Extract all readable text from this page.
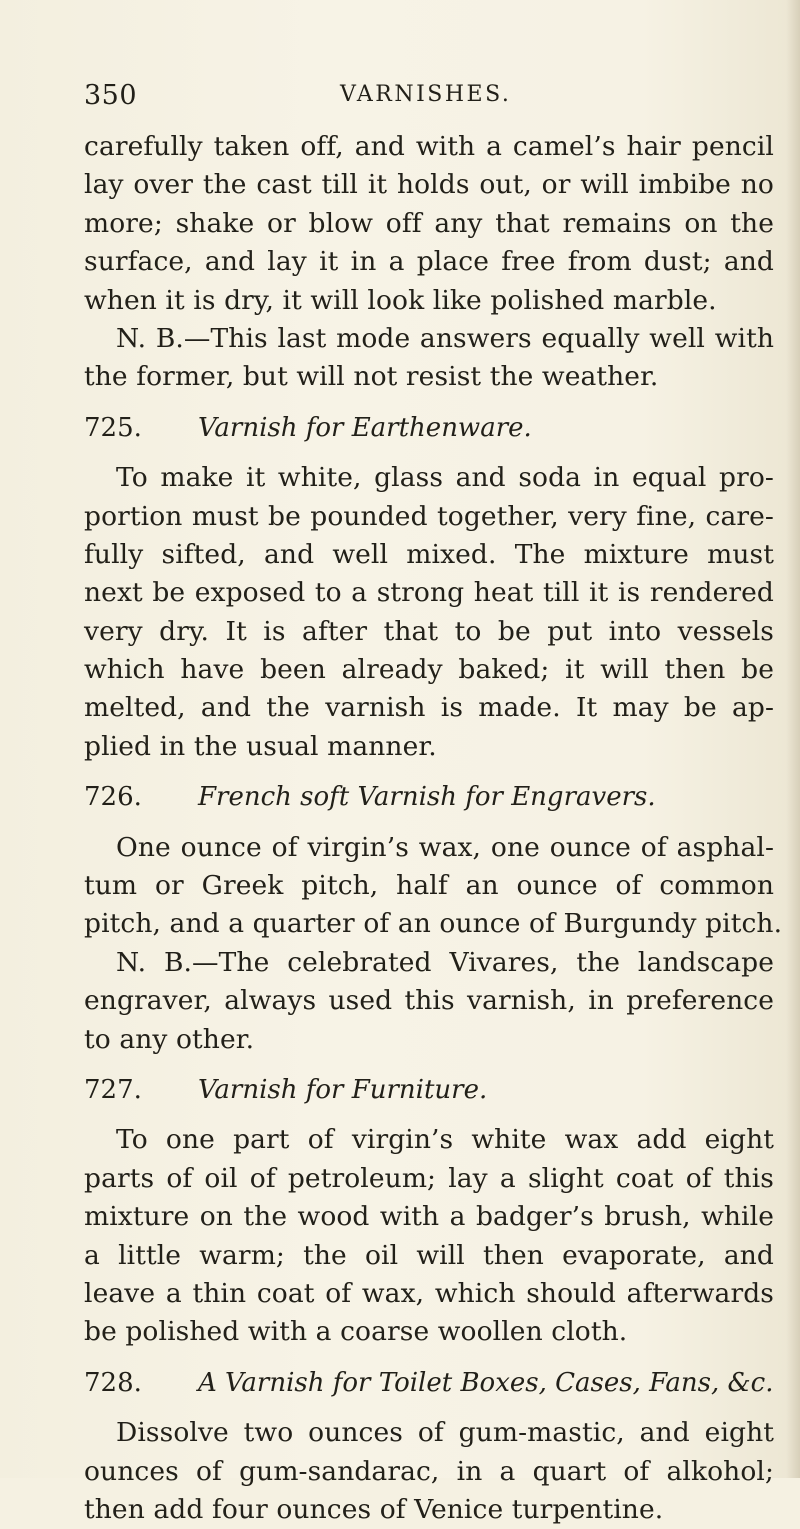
350	VARNISHES.
carefully taken off, and with a camel’s hair pencil
lay over the cast till it holds out, or will imbibe no
more; shake or blow off any that remains on the
surface, and lay it in a place free from dust; and
when it is dry, it will look like polished marble.
N. B.—This last mode answers equally well with
the former, but will not resist the weather.
725. Varnish for Earthenware.
To make it white, glass and soda in equal pro-
portion must be pounded together, very fine, care-
fully sifted, and well mixed. The mixture must
next be exposed to a strong heat till it is rendered
very dry. It is after that to be put into vessels
which have been already baked; it will then be
melted, and the varnish is made. It may be ap-
plied in the usual manner.
726. French soft Varnish for Engravers.
One ounce of virgin’s wax, one ounce of asphal-
tum or Greek pitch, half an ounce of common
pitch, and a quarter of an ounce of Burgundy pitch.
N. B.—The celebrated Vivares, the landscape
engraver, always used this varnish, in preference
to any other.
727. Varnish for Furniture.
To one part of virgin’s white wax add eight
parts of oil of petroleum; lay a slight coat of this
mixture on the wood with a badger’s brush, while
a little warm; the oil will then evaporate, and
leave a thin coat of wax, which should afterwards
be polished with a coarse woollen cloth.
728. A Varnish for Toilet Boxes, Cases, Fans, &c.
Dissolve two ounces of gum-mastic, and eight
ounces of gum-sandarac, in a quart of alkohol;
then add four ounces of Venice turpentine.
